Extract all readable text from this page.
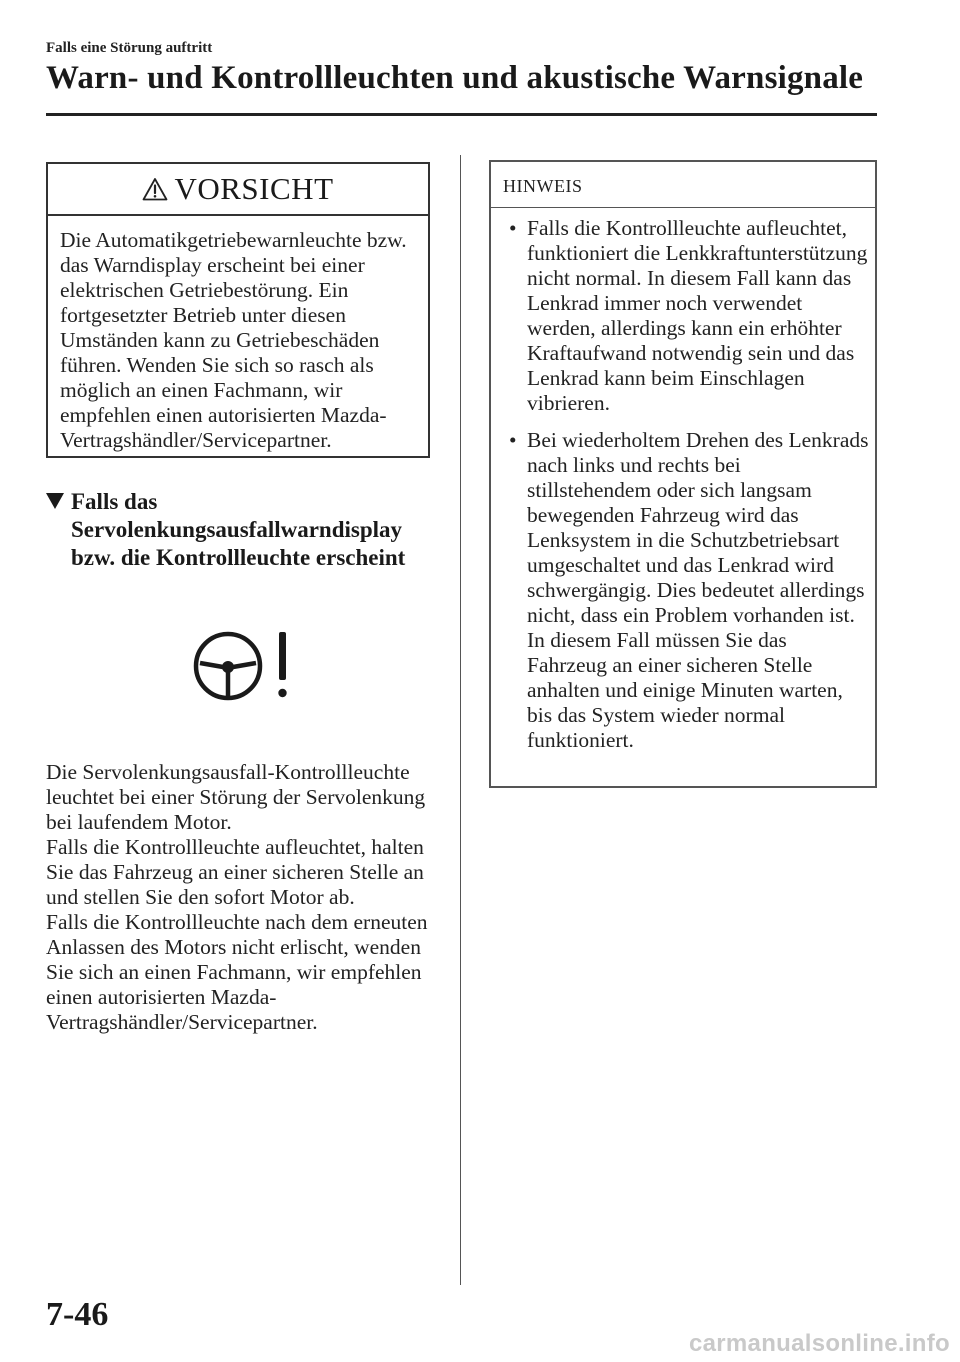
Falls eine Störung auftritt
Warn- und Kontrollleuchten und akustische Warnsignale
VORSICHT

Die Automatikgetriebewarnleuchte bzw. das Warndisplay erscheint bei einer elektrischen Getriebestörung. Ein fortgesetzter Betrieb unter diesen Umständen kann zu Getriebeschäden führen. Wenden Sie sich so rasch als möglich an einen Fachmann, wir empfehlen einen autorisierten Mazda-Vertragshändler/Servicepartner.

Falls das Servolenkungsausfallwarndisplay bzw. die Kontrollleuchte erscheint

Die Servolenkungsausfall-Kontrollleuchte leuchtet bei einer Störung der Servolenkung bei laufendem Motor.
Falls die Kontrollleuchte aufleuchtet, halten Sie das Fahrzeug an einer sicheren Stelle an und stellen Sie den sofort Motor ab.
Falls die Kontrollleuchte nach dem erneuten Anlassen des Motors nicht erlischt, wenden Sie sich an einen Fachmann, wir empfehlen einen autorisierten Mazda-Vertragshändler/Servicepartner.

HINWEIS
• Falls die Kontrollleuchte aufleuchtet, funktioniert die Lenkkraftunterstützung nicht normal. In diesem Fall kann das Lenkrad immer noch verwendet werden, allerdings kann ein erhöhter Kraftaufwand notwendig sein und das Lenkrad kann beim Einschlagen vibrieren.
• Bei wiederholtem Drehen des Lenkrads nach links und rechts bei stillstehendem oder sich langsam bewegenden Fahrzeug wird das Lenksystem in die Schutzbetriebsart umgeschaltet und das Lenkrad wird schwergängig. Dies bedeutet allerdings nicht, dass ein Problem vorhanden ist. In diesem Fall müssen Sie das Fahrzeug an einer sicheren Stelle anhalten und einige Minuten warten, bis das System wieder normal funktioniert.
7-46
carmanualsonline.info
